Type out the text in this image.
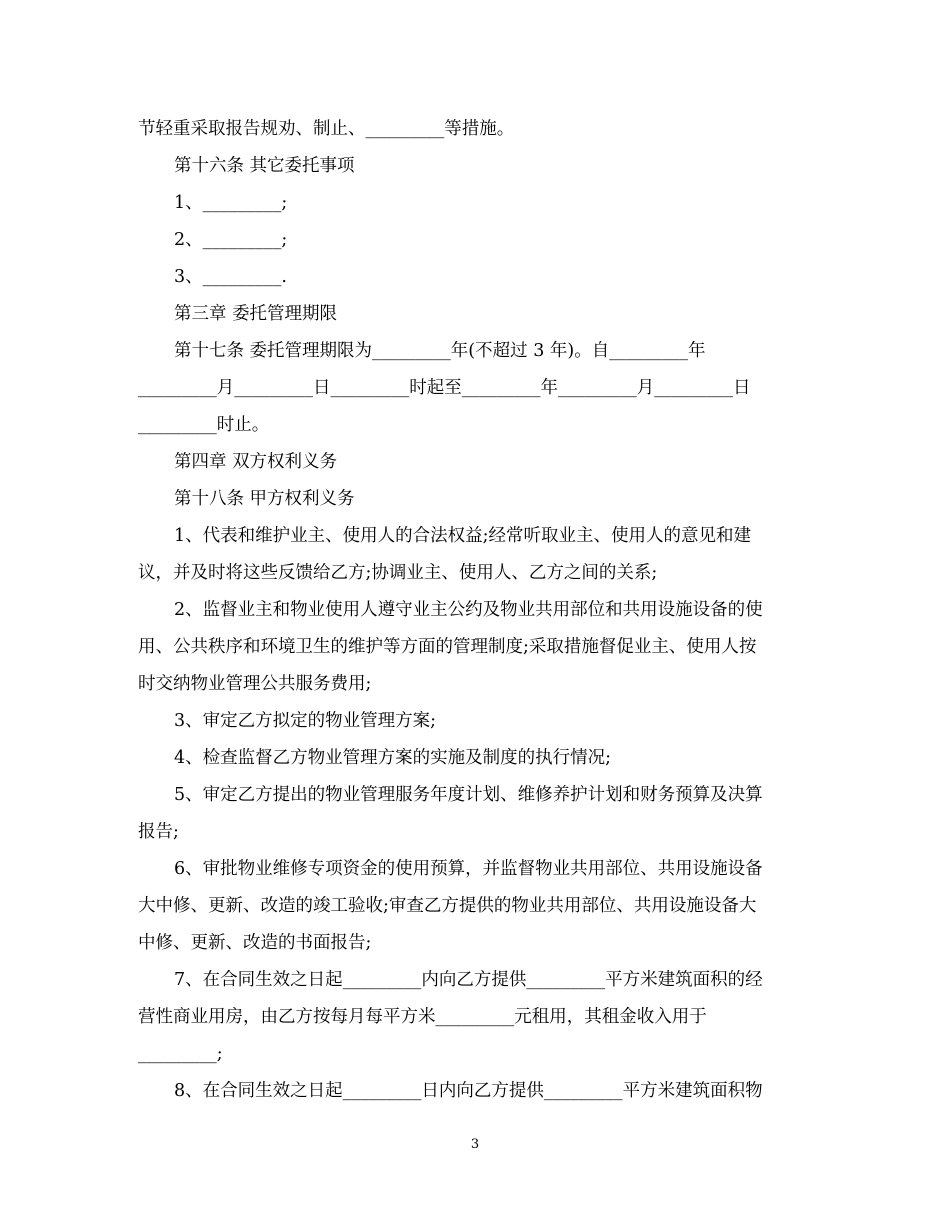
节轻重采取报告规劝、制止、_________等措施。
第十六条 其它委托事项
1、_________;
2、_________;
3、_________.
第三章 委托管理期限
第十七条 委托管理期限为_________年(不超过 3 年)。自_________年
_________月_________日_________时起至_________年_________月_________日
_________时止。
第四章 双方权利义务
第十八条 甲方权利义务
1、代表和维护业主、使用人的合法权益;经常听取业主、使用人的意见和建
议，并及时将这些反馈给乙方;协调业主、使用人、乙方之间的关系;
2、监督业主和物业使用人遵守业主公约及物业共用部位和共用设施设备的使
用、公共秩序和环境卫生的维护等方面的管理制度;采取措施督促业主、使用人按
时交纳物业管理公共服务费用;
3、审定乙方拟定的物业管理方案;
4、检查监督乙方物业管理方案的实施及制度的执行情况;
5、审定乙方提出的物业管理服务年度计划、维修养护计划和财务预算及决算
报告;
6、审批物业维修专项资金的使用预算，并监督物业共用部位、共用设施设备
大中修、更新、改造的竣工验收;审查乙方提供的物业共用部位、共用设施设备大
中修、更新、改造的书面报告;
7、在合同生效之日起_________内向乙方提供_________平方米建筑面积的经
营性商业用房，由乙方按每月每平方米_________元租用，其租金收入用于
_________;
8、在合同生效之日起_________日内向乙方提供_________平方米建筑面积物
3
